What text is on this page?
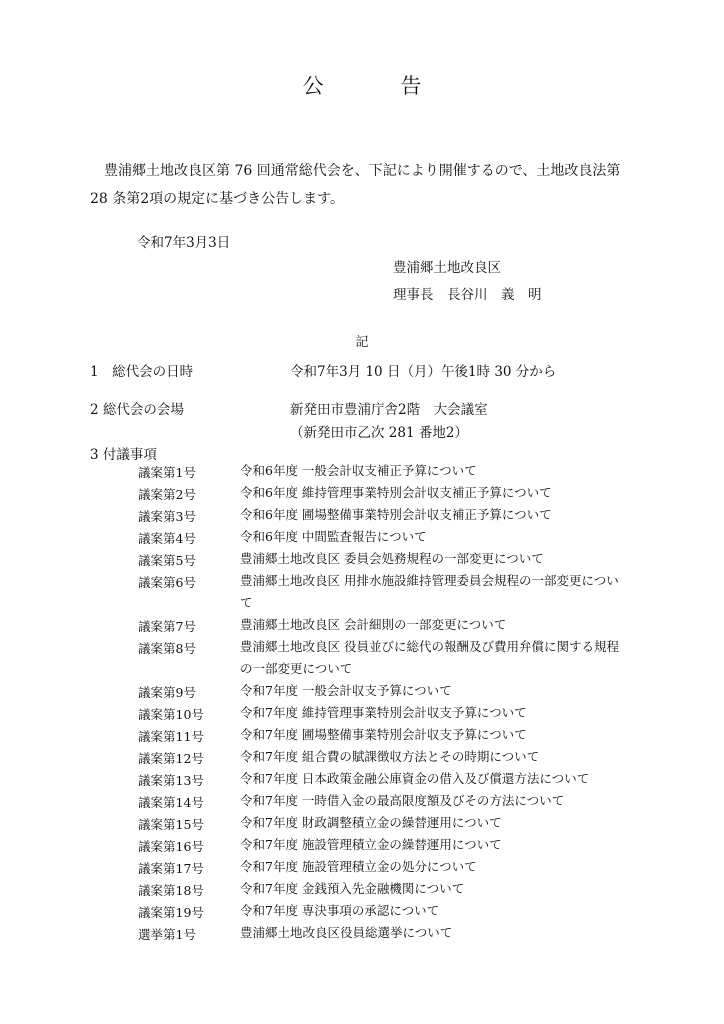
公　告
豊浦郷土地改良区第 76 回通常総代会を、下記により開催するので、土地改良法第 28 条第2項の規定に基づき公告します。
令和7年3月3日
豊浦郷土地改良区
理事長　長谷川　義　明
記
1　総代会の日時	令和7年3月 10 日（月）午後1時 30 分から
2 総代会の会場	新発田市豊浦庁舎2階　大会議室
（新発田市乙次 281 番地2）
3 付議事項
議案第1号	令和6年度 一般会計収支補正予算について
議案第2号	令和6年度 維持管理事業特別会計収支補正予算について
議案第3号	令和6年度 圃場整備事業特別会計収支補正予算について
議案第4号	令和6年度 中間監査報告について
議案第5号	豊浦郷土地改良区 委員会処務規程の一部変更について
議案第6号	豊浦郷土地改良区 用排水施設維持管理委員会規程の一部変更について
議案第7号	豊浦郷土地改良区 会計細則の一部変更について
議案第8号	豊浦郷土地改良区 役員並びに総代の報酬及び費用弁償に関する規程の一部変更について
議案第9号	令和7年度 一般会計収支予算について
議案第10号	令和7年度 維持管理事業特別会計収支予算について
議案第11号	令和7年度 圃場整備事業特別会計収支予算について
議案第12号	令和7年度 組合費の賦課徴収方法とその時期について
議案第13号	令和7年度 日本政策金融公庫資金の借入及び償還方法について
議案第14号	令和7年度 一時借入金の最高限度額及びその方法について
議案第15号	令和7年度 財政調整積立金の繰替運用について
議案第16号	令和7年度 施設管理積立金の繰替運用について
議案第17号	令和7年度 施設管理積立金の処分について
議案第18号	令和7年度 金銭預入先金融機関について
議案第19号	令和7年度 専決事項の承認について
選挙第1号	豊浦郷土地改良区役員総選挙について
